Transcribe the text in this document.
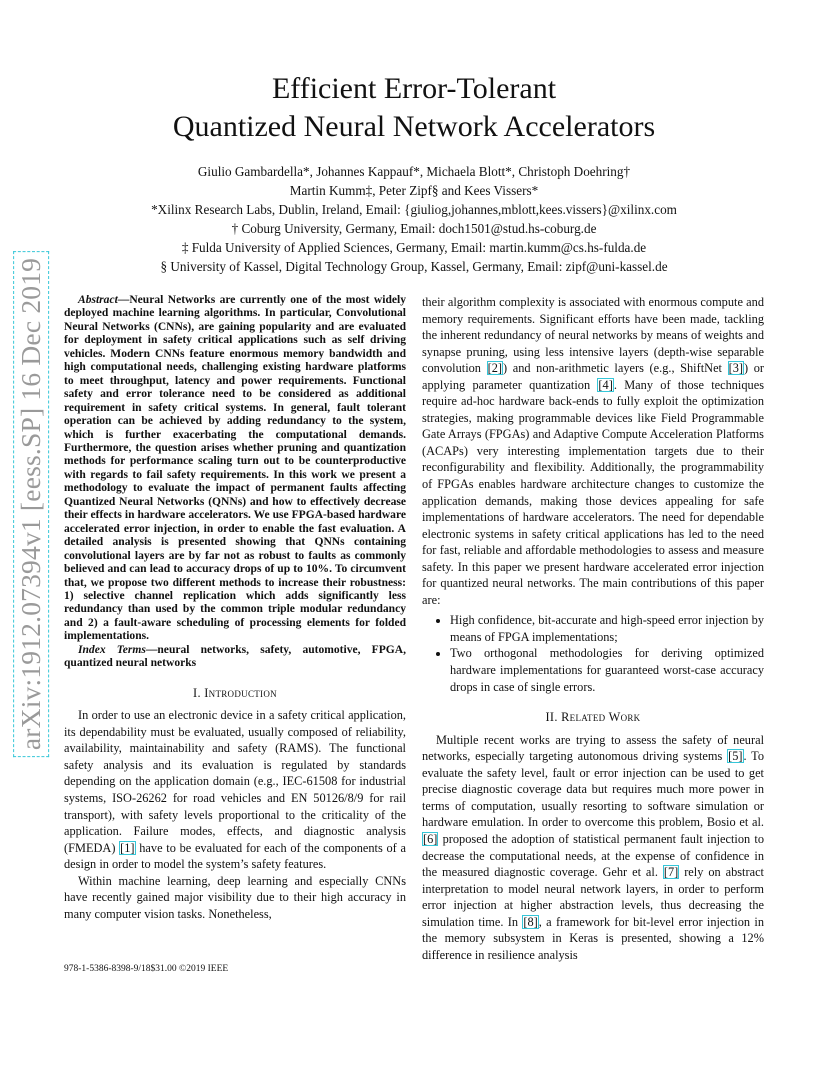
arXiv:1912.07394v1 [eess.SP] 16 Dec 2019
Efficient Error-Tolerant
Quantized Neural Network Accelerators
Giulio Gambardella*, Johannes Kappauf*, Michaela Blott*, Christoph Doehring†
Martin Kumm‡, Peter Zipf§ and Kees Vissers*
*Xilinx Research Labs, Dublin, Ireland, Email: {giuliog,johannes,mblott,kees.vissers}@xilinx.com
† Coburg University, Germany, Email: doch1501@stud.hs-coburg.de
‡ Fulda University of Applied Sciences, Germany, Email: martin.kumm@cs.hs-fulda.de
§ University of Kassel, Digital Technology Group, Kassel, Germany, Email: zipf@uni-kassel.de

Abstract—Neural Networks are currently one of the most widely deployed machine learning algorithms. In particular, Convolutional Neural Networks (CNNs), are gaining popularity and are evaluated for deployment in safety critical applications such as self driving vehicles. Modern CNNs feature enormous memory bandwidth and high computational needs, challenging existing hardware platforms to meet throughput, latency and power requirements. Functional safety and error tolerance need to be considered as additional requirement in safety critical systems. In general, fault tolerant operation can be achieved by adding redundancy to the system, which is further exacerbating the computational demands. Furthermore, the question arises whether pruning and quantization methods for performance scaling turn out to be counterproductive with regards to fail safety requirements. In this work we present a methodology to evaluate the impact of permanent faults affecting Quantized Neural Networks (QNNs) and how to effectively decrease their effects in hardware accelerators. We use FPGA-based hardware accelerated error injection, in order to enable the fast evaluation. A detailed analysis is presented showing that QNNs containing convolutional layers are by far not as robust to faults as commonly believed and can lead to accuracy drops of up to 10%. To circumvent that, we propose two different methods to increase their robustness: 1) selective channel replication which adds significantly less redundancy than used by the common triple modular redundancy and 2) a fault-aware scheduling of processing elements for folded implementations.

Index Terms—neural networks, safety, automotive, FPGA, quantized neural networks

I. Introduction

In order to use an electronic device in a safety critical application, its dependability must be evaluated, usually composed of reliability, availability, maintainability and safety (RAMS). The functional safety analysis and its evaluation is regulated by standards depending on the application domain (e.g., IEC-61508 for industrial systems, ISO-26262 for road vehicles and EN 50126/8/9 for rail transport), with safety levels proportional to the criticality of the application. Failure modes, effects, and diagnostic analysis (FMEDA) [1] have to be evaluated for each of the components of a design in order to model the system’s safety features.

Within machine learning, deep learning and especially CNNs have recently gained major visibility due to their high accuracy in many computer vision tasks. Nonetheless,

their algorithm complexity is associated with enormous compute and memory requirements. Significant efforts have been made, tackling the inherent redundancy of neural networks by means of weights and synapse pruning, using less intensive layers (depth-wise separable convolution [2]) and non-arithmetic layers (e.g., ShiftNet [3]) or applying parameter quantization [4]. Many of those techniques require ad-hoc hardware back-ends to fully exploit the optimization strategies, making programmable devices like Field Programmable Gate Arrays (FPGAs) and Adaptive Compute Acceleration Platforms (ACAPs) very interesting implementation targets due to their reconfigurability and flexibility. Additionally, the programmability of FPGAs enables hardware architecture changes to customize the application demands, making those devices appealing for safe implementations of hardware accelerators. The need for dependable electronic systems in safety critical applications has led to the need for fast, reliable and affordable methodologies to assess and measure safety. In this paper we present hardware accelerated error injection for quantized neural networks. The main contributions of this paper are:

• High confidence, bit-accurate and high-speed error injection by means of FPGA implementations;
• Two orthogonal methodologies for deriving optimized hardware implementations for guaranteed worst-case accuracy drops in case of single errors.
II. Related Work

Multiple recent works are trying to assess the safety of neural networks, especially targeting autonomous driving systems [5]. To evaluate the safety level, fault or error injection can be used to get precise diagnostic coverage data but requires much more power in terms of computation, usually resorting to software simulation or hardware emulation. In order to overcome this problem, Bosio et al. [6] proposed the adoption of statistical permanent fault injection to decrease the computational needs, at the expense of confidence in the measured diagnostic coverage. Gehr et al. [7] rely on abstract interpretation to model neural network layers, in order to perform error injection at higher abstraction levels, thus decreasing the simulation time. In [8], a framework for bit-level error injection in the memory subsystem in Keras is presented, showing a 12% difference in resilience analysis

978-1-5386-8398-9/18$31.00 ©2019 IEEE
